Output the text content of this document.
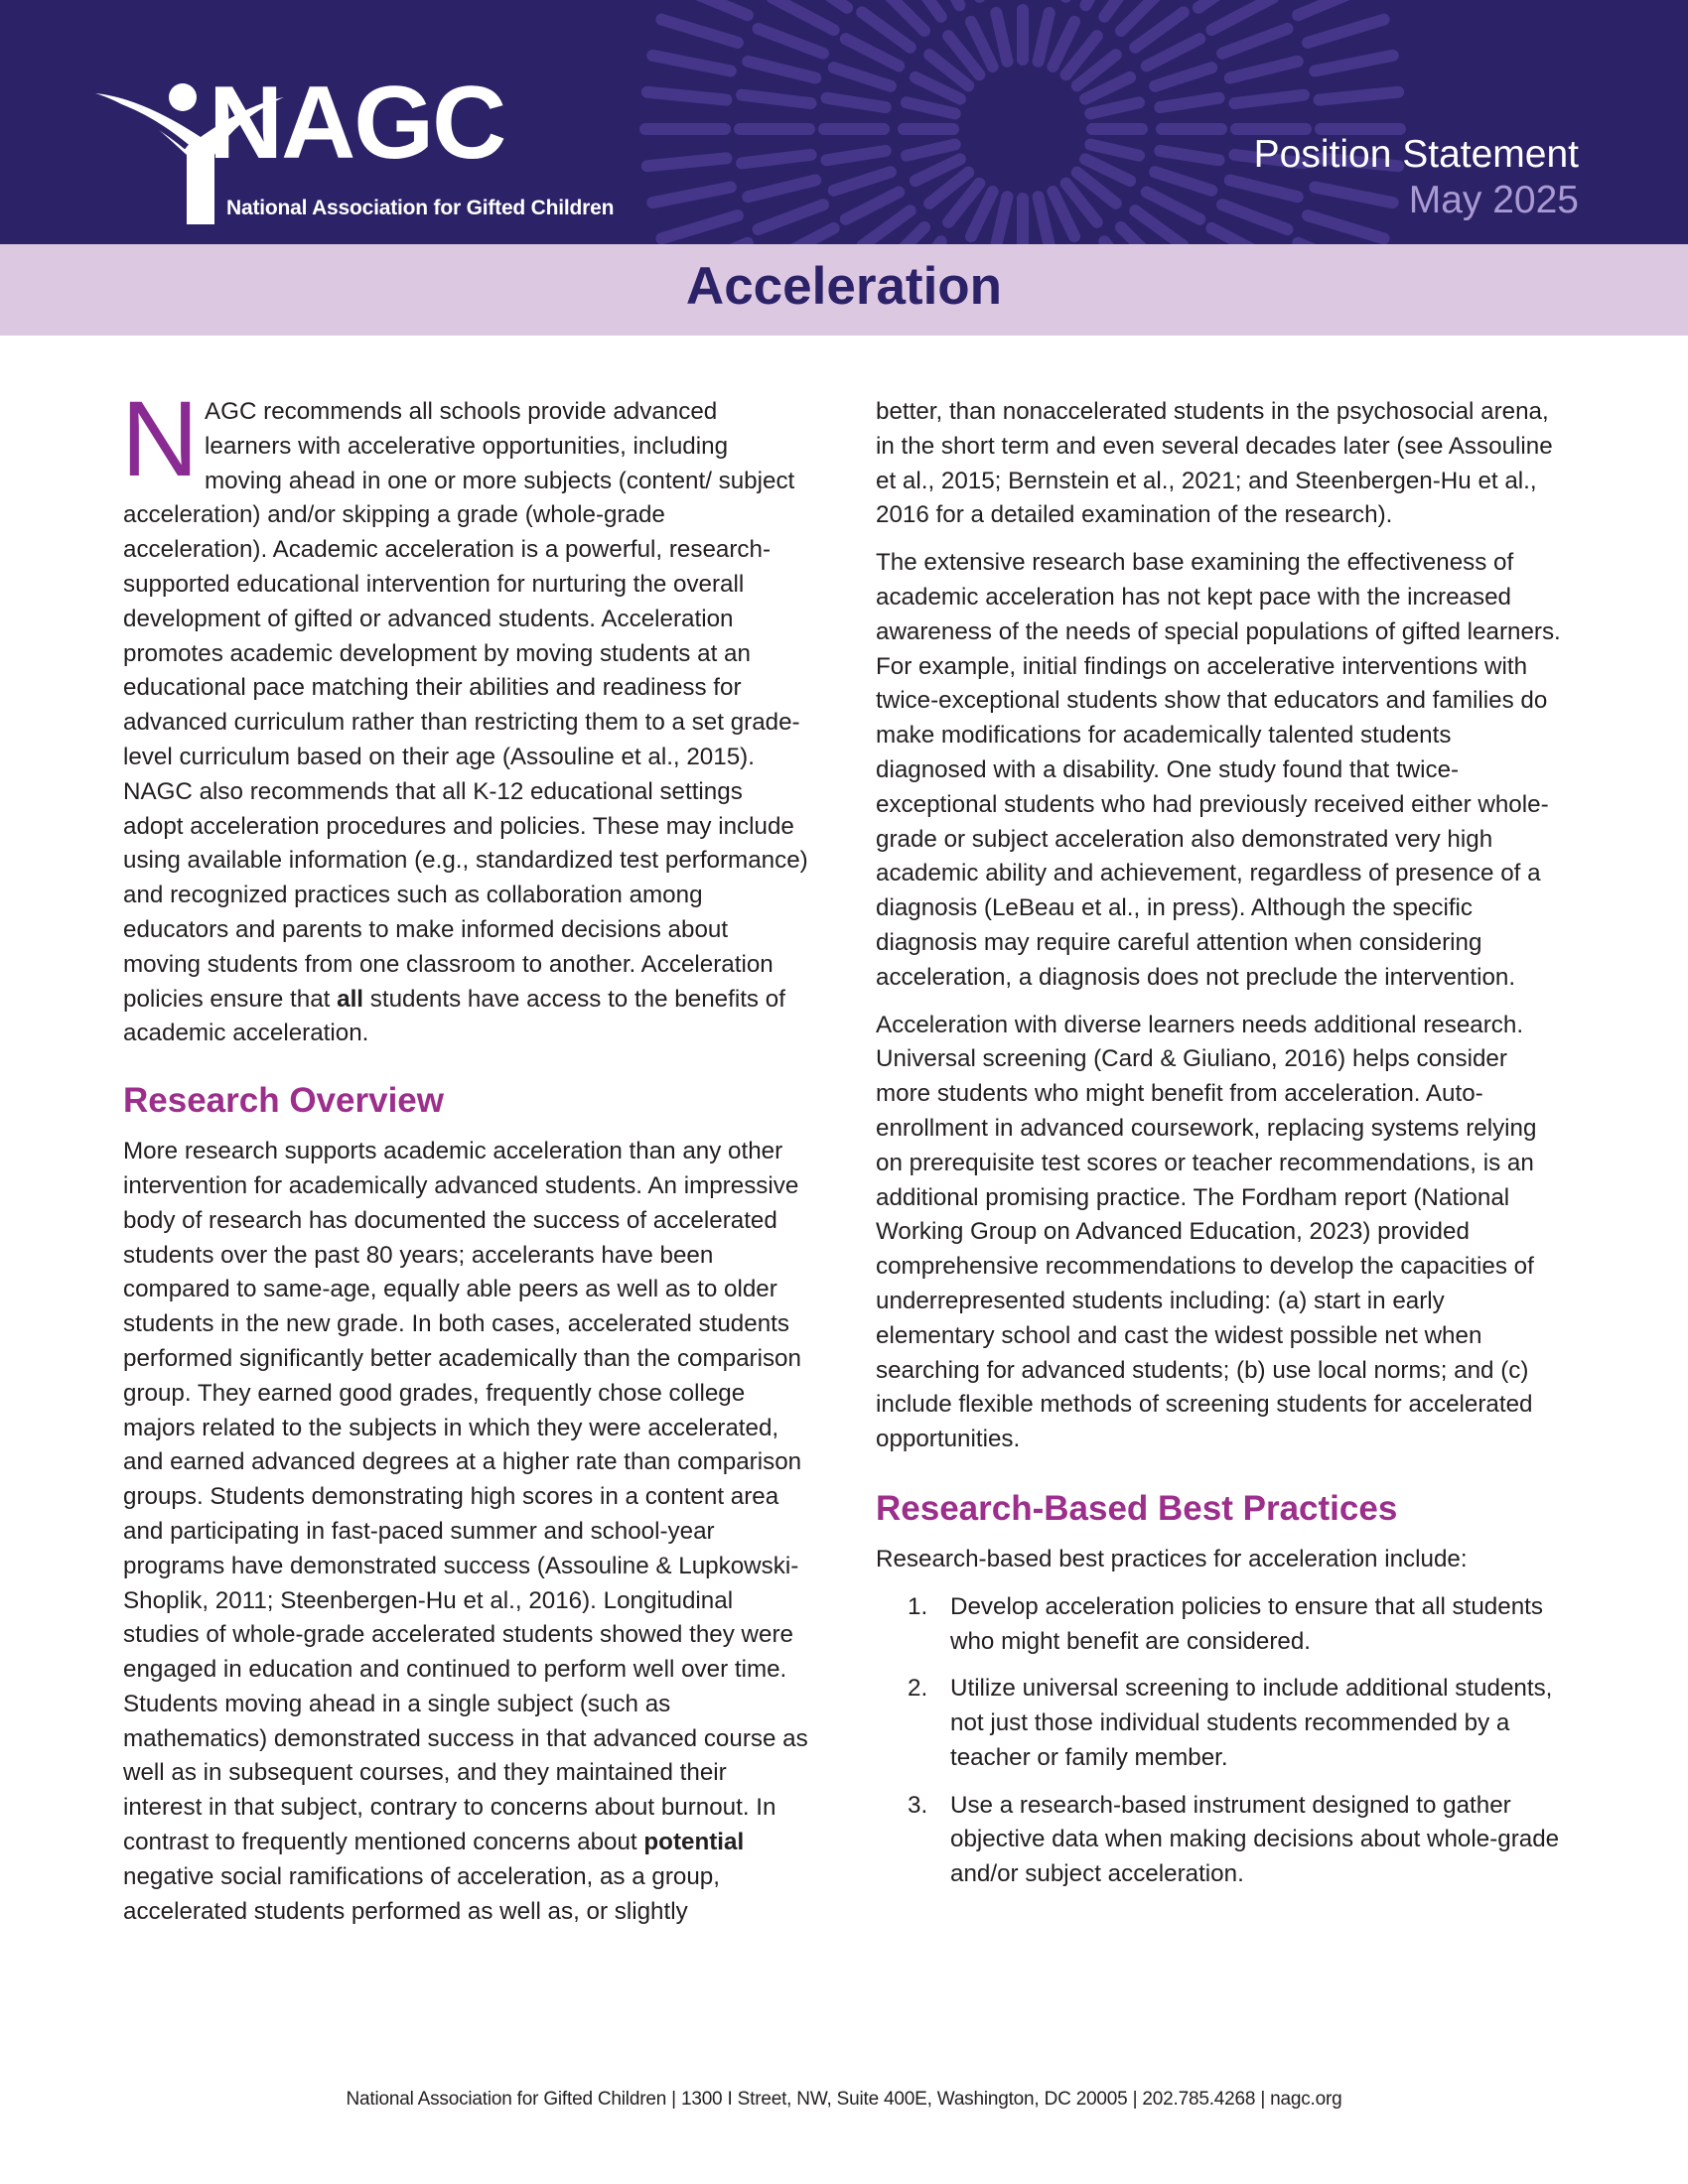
NAGC
National Association for Gifted Children
Position Statement
May 2025
Acceleration

NAGC recommends all schools provide advanced learners with accelerative opportunities, including moving ahead in one or more subjects (content/ subject acceleration) and/or skipping a grade (whole-grade acceleration). Academic acceleration is a powerful, research-supported educational intervention for nurturing the overall development of gifted or advanced students. Acceleration promotes academic development by moving students at an educational pace matching their abilities and readiness for advanced curriculum rather than restricting them to a set grade-level curriculum based on their age (Assouline et al., 2015). NAGC also recommends that all K-12 educational settings adopt acceleration procedures and policies. These may include using available information (e.g., standardized test performance) and recognized practices such as collaboration among educators and parents to make informed decisions about moving students from one classroom to another. Acceleration policies ensure that all students have access to the benefits of academic acceleration.

Research Overview

More research supports academic acceleration than any other intervention for academically advanced students. An impressive body of research has documented the success of accelerated students over the past 80 years; accelerants have been compared to same-age, equally able peers as well as to older students in the new grade. In both cases, accelerated students performed significantly better academically than the comparison group. They earned good grades, frequently chose college majors related to the subjects in which they were accelerated, and earned advanced degrees at a higher rate than comparison groups. Students demonstrating high scores in a content area and participating in fast-paced summer and school-year programs have demonstrated success (Assouline & Lupkowski-Shoplik, 2011; Steenbergen-Hu et al., 2016). Longitudinal studies of whole-grade accelerated students showed they were engaged in education and continued to perform well over time. Students moving ahead in a single subject (such as mathematics) demonstrated success in that advanced course as well as in subsequent courses, and they maintained their interest in that subject, contrary to concerns about burnout. In contrast to frequently mentioned concerns about potential negative social ramifications of acceleration, as a group, accelerated students performed as well as, or slightly

better, than nonaccelerated students in the psychosocial arena, in the short term and even several decades later (see Assouline et al., 2015; Bernstein et al., 2021; and Steenbergen-Hu et al., 2016 for a detailed examination of the research).

The extensive research base examining the effectiveness of academic acceleration has not kept pace with the increased awareness of the needs of special populations of gifted learners. For example, initial findings on accelerative interventions with twice-exceptional students show that educators and families do make modifications for academically talented students diagnosed with a disability. One study found that twice-exceptional students who had previously received either whole-grade or subject acceleration also demonstrated very high academic ability and achievement, regardless of presence of a diagnosis (LeBeau et al., in press). Although the specific diagnosis may require careful attention when considering acceleration, a diagnosis does not preclude the intervention.

Acceleration with diverse learners needs additional research. Universal screening (Card & Giuliano, 2016) helps consider more students who might benefit from acceleration. Auto-enrollment in advanced coursework, replacing systems relying on prerequisite test scores or teacher recommendations, is an additional promising practice. The Fordham report (National Working Group on Advanced Education, 2023) provided comprehensive recommendations to develop the capacities of underrepresented students including: (a) start in early elementary school and cast the widest possible net when searching for advanced students; (b) use local norms; and (c) include flexible methods of screening students for accelerated opportunities.

Research-Based Best Practices

Research-based best practices for acceleration include:

1. Develop acceleration policies to ensure that all students who might benefit are considered.
2. Utilize universal screening to include additional students, not just those individual students recommended by a teacher or family member.
3. Use a research-based instrument designed to gather objective data when making decisions about whole-grade and/or subject acceleration.
National Association for Gifted Children | 1300 I Street, NW, Suite 400E, Washington, DC 20005 | 202.785.4268 | nagc.org
